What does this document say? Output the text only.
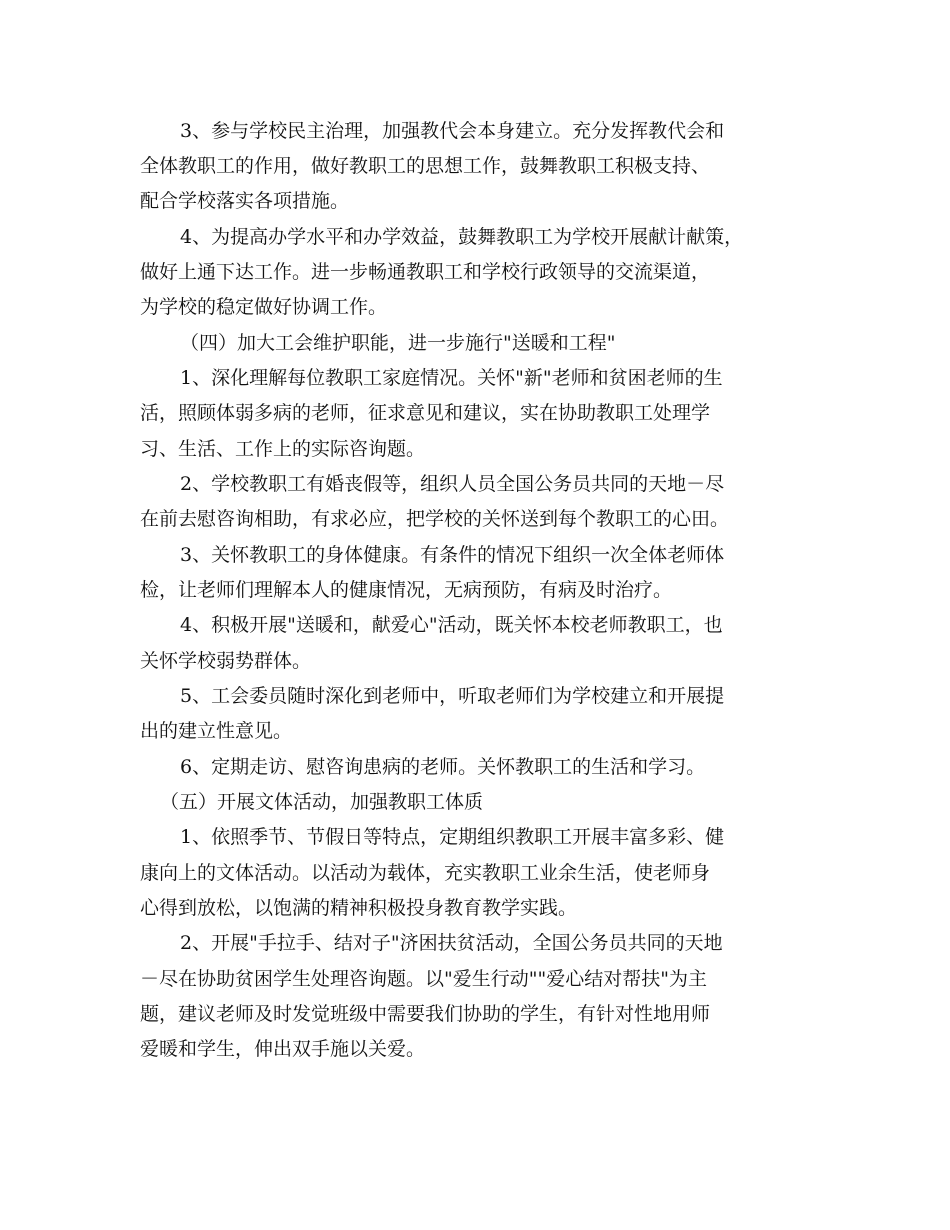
3、参与学校民主治理，加强教代会本身建立。充分发挥教代会和

全体教职工的作用，做好教职工的思想工作，鼓舞教职工积极支持、

配合学校落实各项措施。

4、为提高办学水平和办学效益，鼓舞教职工为学校开展献计献策，

做好上通下达工作。进一步畅通教职工和学校行政领导的交流渠道，

为学校的稳定做好协调工作。

（四）加大工会维护职能，进一步施行"送暖和工程"

1、深化理解每位教职工家庭情况。关怀"新"老师和贫困老师的生

活，照顾体弱多病的老师，征求意见和建议，实在协助教职工处理学

习、生活、工作上的实际咨询题。

2、学校教职工有婚丧假等，组织人员全国公务员共同的天地－尽

在前去慰咨询相助，有求必应，把学校的关怀送到每个教职工的心田。

3、关怀教职工的身体健康。有条件的情况下组织一次全体老师体

检，让老师们理解本人的健康情况，无病预防，有病及时治疗。

4、积极开展"送暖和，献爱心"活动，既关怀本校老师教职工，也

关怀学校弱势群体。

5、工会委员随时深化到老师中，听取老师们为学校建立和开展提

出的建立性意见。

6、定期走访、慰咨询患病的老师。关怀教职工的生活和学习。

（五）开展文体活动，加强教职工体质

1、依照季节、节假日等特点，定期组织教职工开展丰富多彩、健

康向上的文体活动。以活动为载体，充实教职工业余生活，使老师身

心得到放松，以饱满的精神积极投身教育教学实践。

2、开展"手拉手、结对子"济困扶贫活动，全国公务员共同的天地

－尽在协助贫困学生处理咨询题。以"爱生行动""爱心结对帮扶"为主

题，建议老师及时发觉班级中需要我们协助的学生，有针对性地用师

爱暖和学生，伸出双手施以关爱。
